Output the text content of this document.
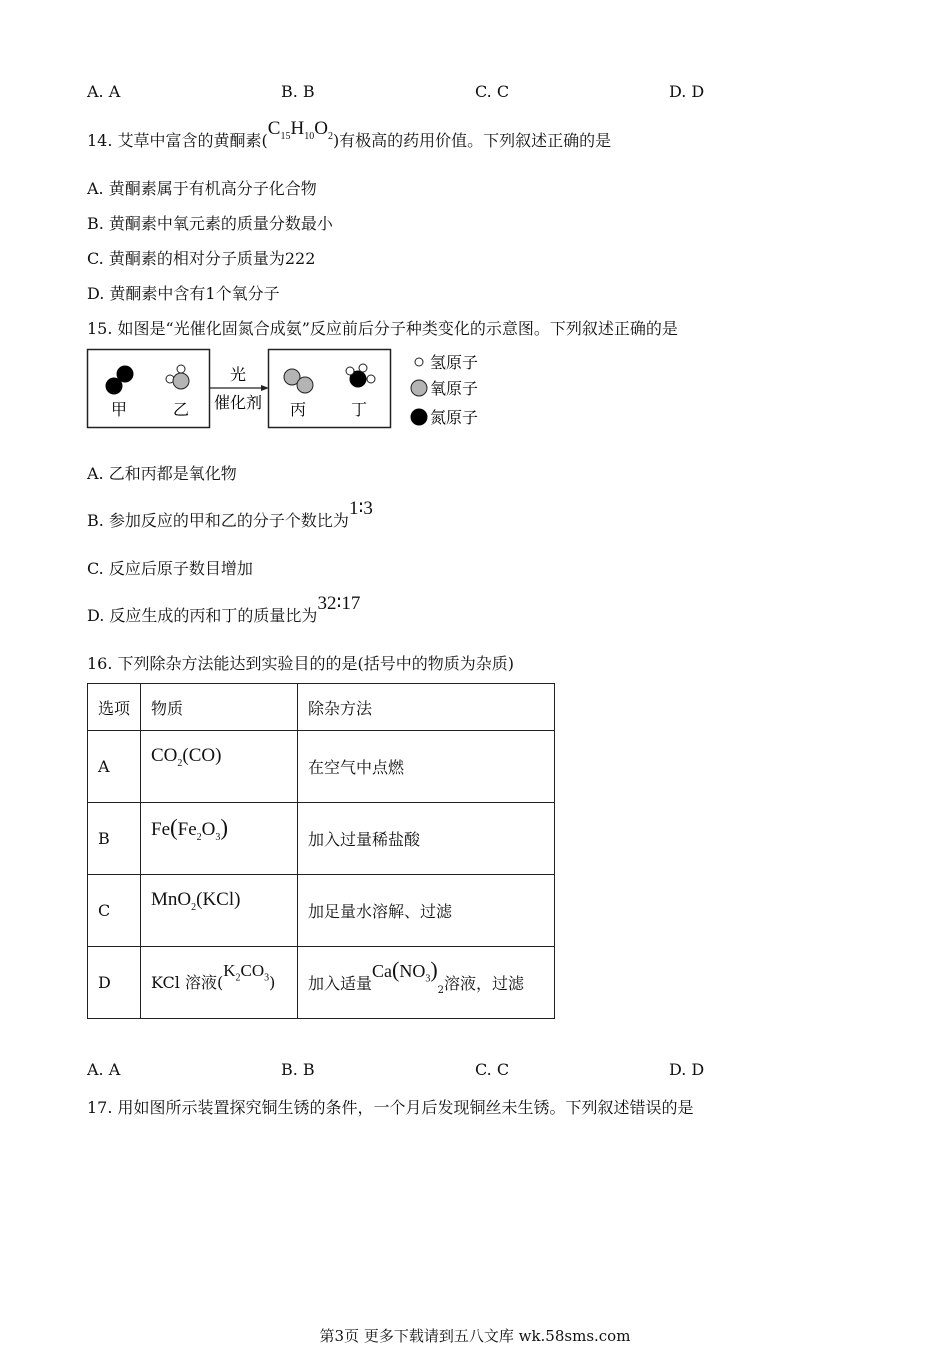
A. A	B. B	C. C	D. D
14. 艾草中富含的黄酮素$(C_{15}H_{10}O_2)$有极高的药用价值。下列叙述正确的是
A. 黄酮素属于有机高分子化合物
B. 黄酮素中氧元素的质量分数最小
C. 黄酮素的相对分子质量为222
D. 黄酮素中含有1个氧分子
15. 如图是“光催化固氮合成氨”反应前后分子种类变化的示意图。下列叙述正确的是
甲	乙
光
催化剂 丙	丁
氢原子
氧原子
氮原子
A. 乙和丙都是氧化物
B. 参加反应的甲和乙的分子个数比为1∶3
C. 反应后原子数目增加
D. 反应生成的丙和丁的质量比为32∶17
16. 下列除杂方法能达到实验目的的是(括号中的物质为杂质)
选项	物质	除杂方法
A	$CO_2(CO)$	在空气中点燃
B	$Fe(Fe_2O_3)$	加入过量稀盐酸
C	MnO$_2$(KCl)	加足量水溶解、过滤
D	KCl 溶液$(K_2CO_3)$	加入适量$Ca(NO_3)_2$溶液，过滤
A. A	B. B	C. C	D. D
17. 用如图所示装置探究铜生锈的条件，一个月后发现铜丝未生锈。下列叙述错误的是
第3页 更多下载请到五八文库 wk.58sms.com
